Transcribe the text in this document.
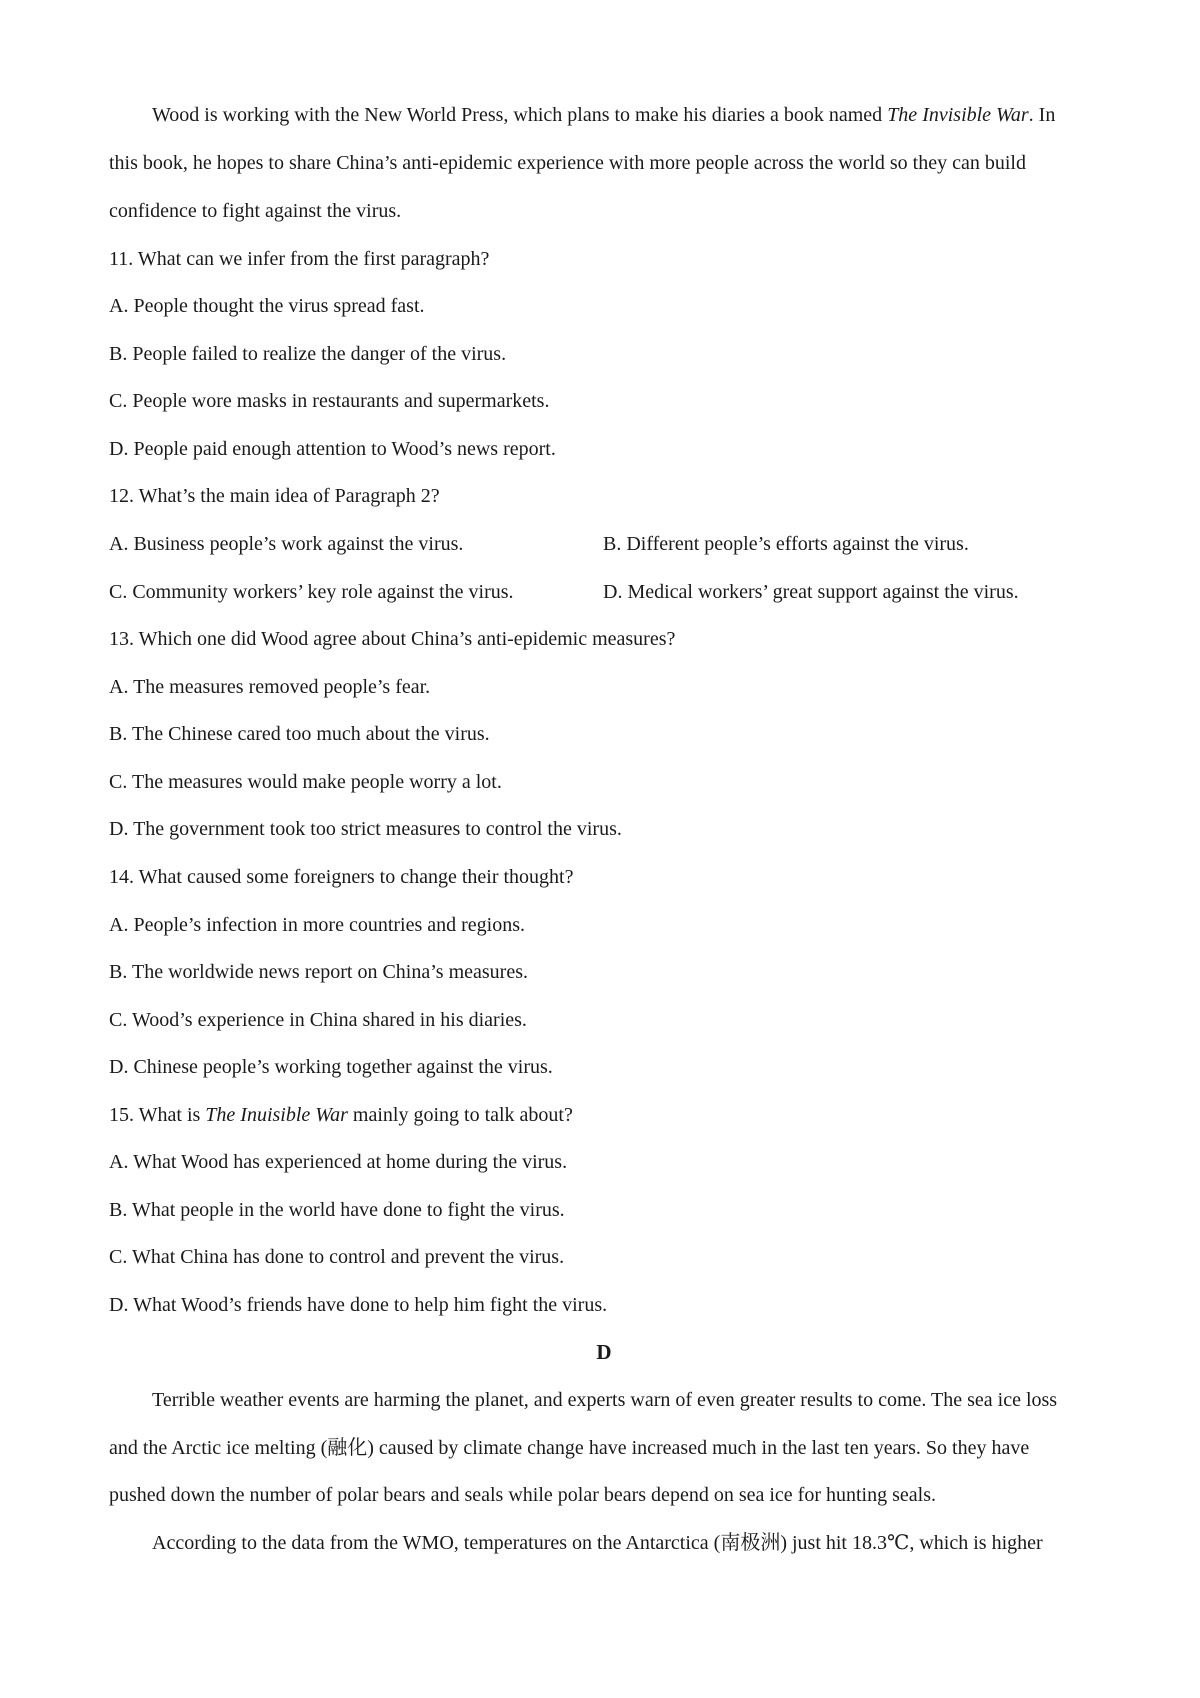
Wood is working with the New World Press, which plans to make his diaries a book named The Invisible War. In
this book, he hopes to share China’s anti-epidemic experience with more people across the world so they can build
confidence to fight against the virus.
11. What can we infer from the first paragraph?
A. People thought the virus spread fast.
B. People failed to realize the danger of the virus.
C. People wore masks in restaurants and supermarkets.
D. People paid enough attention to Wood’s news report.
12. What’s the main idea of Paragraph 2?
A. Business people’s work against the virus.	B. Different people’s efforts against the virus.
C. Community workers’ key role against the virus.	D. Medical workers’ great support against the virus.
13. Which one did Wood agree about China’s anti-epidemic measures?
A. The measures removed people’s fear.
B. The Chinese cared too much about the virus.
C. The measures would make people worry a lot.
D. The government took too strict measures to control the virus.
14. What caused some foreigners to change their thought?
A. People’s infection in more countries and regions.
B. The worldwide news report on China’s measures.
C. Wood’s experience in China shared in his diaries.
D. Chinese people’s working together against the virus.
15. What is The Inuisible War mainly going to talk about?
A. What Wood has experienced at home during the virus.
B. What people in the world have done to fight the virus.
C. What China has done to control and prevent the virus.
D. What Wood’s friends have done to help him fight the virus.
D
Terrible weather events are harming the planet, and experts warn of even greater results to come. The sea ice loss
and the Arctic ice melting (融化) caused by climate change have increased much in the last ten years. So they have
pushed down the number of polar bears and seals while polar bears depend on sea ice for hunting seals.
According to the data from the WMO, temperatures on the Antarctica (南极洲) just hit 18.3℃, which is higher
